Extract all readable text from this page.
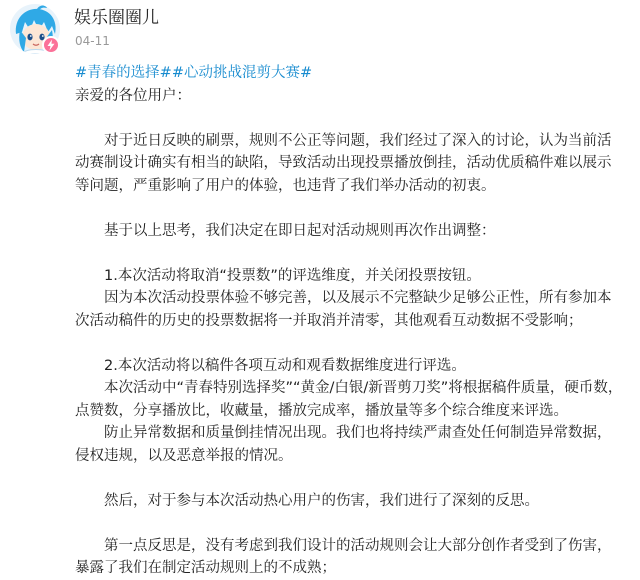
娱乐圈圈儿
04-11

#青春的选择##心动挑战混剪大赛#

亲爱的各位用户：

对于近日反映的刷票，规则不公正等问题，我们经过了深入的讨论，认为当前活动赛制设计确实有相当的缺陷，导致活动出现投票播放倒挂，活动优质稿件难以展示等问题，严重影响了用户的体验，也违背了我们举办活动的初衷。

基于以上思考，我们决定在即日起对活动规则再次作出调整：

1.本次活动将取消“投票数”的评选维度，并关闭投票按钮。

因为本次活动投票体验不够完善，以及展示不完整缺少足够公正性，所有参加本次活动稿件的历史的投票数据将一并取消并清零，其他观看互动数据不受影响；

2.本次活动将以稿件各项互动和观看数据维度进行评选。

本次活动中“青春特别选择奖”“黄金/白银/新晋剪刀奖”将根据稿件质量，硬币数，点赞数，分享播放比，收藏量，播放完成率，播放量等多个综合维度来评选。

防止异常数据和质量倒挂情况出现。我们也将持续严肃查处任何制造异常数据，侵权违规，以及恶意举报的情况。

然后，对于参与本次活动热心用户的伤害，我们进行了深刻的反思。

第一点反思是，没有考虑到我们设计的活动规则会让大部分创作者受到了伤害，暴露了我们在制定活动规则上的不成熟；
